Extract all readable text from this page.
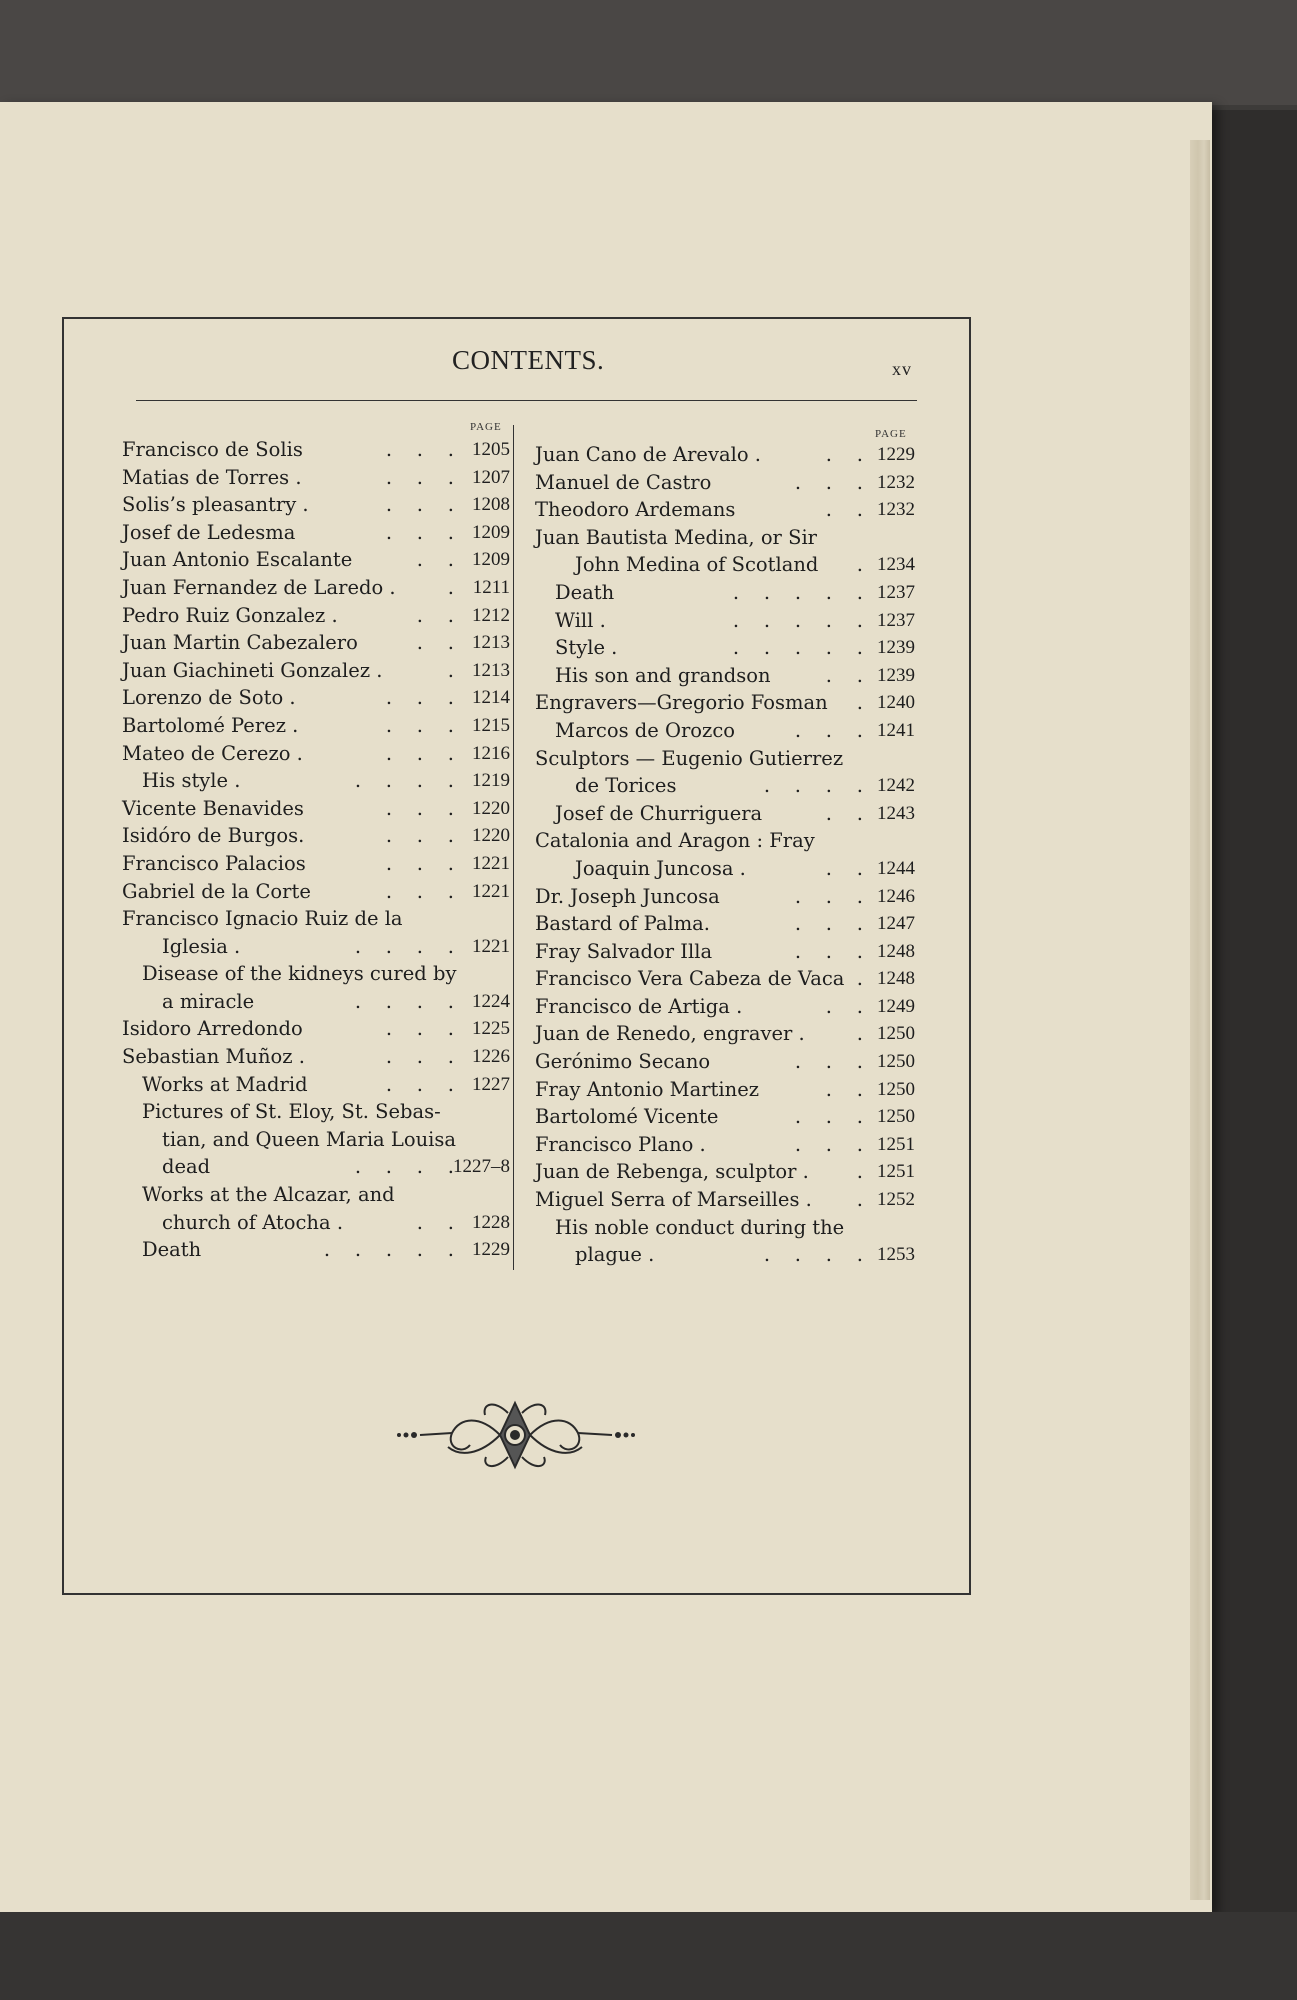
CONTENTS.	xv
PAGE
PAGE
Francisco de Solis	.    .    . 1205
Matias de Torres .	.    .    . 1207
Solis’s pleasantry .	.    .    . 1208
Josef de Ledesma	.    .    . 1209
Juan Antonio Escalante	.    . 1209
Juan Fernandez de Laredo .	. 1211
Pedro Ruiz Gonzalez .	.    . 1212
Juan Martin Cabezalero	.    . 1213
Juan Giachineti Gonzalez .	. 1213
Lorenzo de Soto .	.    .    . 1214
Bartolomé Perez .	.    .    . 1215
Mateo de Cerezo .	.    .    . 1216
His style .	.    .    .    . 1219
Vicente Benavides	.    .    . 1220
Isidóro de Burgos.	.    .    . 1220
Francisco Palacios	.    .    . 1221
Gabriel de la Corte	.    .    . 1221
Francisco Ignacio Ruiz de la
Iglesia .	.    .    .    . 1221
Disease of the kidneys cured by
a miracle	.    .    .    . 1224
Isidoro Arredondo	.    .    . 1225
Sebastian Muñoz .	.    .    . 1226
Works at Madrid	.    .    . 1227
Pictures of St. Eloy, St. Sebas-
tian, and Queen Maria Louisa
dead	.    .    .    . 1227–8
Works at the Alcazar, and
church of Atocha .	.    . 1228
Death	.    .    .    .    . 1229
Juan Cano de Arevalo .	.    . 1229
Manuel de Castro	.    .    . 1232
Theodoro Ardemans	.    . 1232
Juan Bautista Medina, or Sir
John Medina of Scotland . 1234
Death	.    .    .    .    . 1237
Will .	.    .    .    .    . 1237
Style .	.    .    .    .    . 1239
His son and grandson	.    . 1239
Engravers—Gregorio Fosman . 1240
Marcos de Orozco	.    .    . 1241
Sculptors — Eugenio Gutierrez
de Torices	.    .    .    . 1242
Josef de Churriguera	.    . 1243
Catalonia and Aragon : Fray
Joaquin Juncosa .	.    . 1244
Dr. Joseph Juncosa	.    .    . 1246
Bastard of Palma.	.    .    . 1247
Fray Salvador Illa	.    .    . 1248
Francisco Vera Cabeza de Vaca . 1248
Francisco de Artiga .	.    . 1249
Juan de Renedo, engraver .	. 1250
Gerónimo Secano	.    .    . 1250
Fray Antonio Martinez	.    . 1250
Bartolomé Vicente	.    .    . 1250
Francisco Plano .	.    .    . 1251
Juan de Rebenga, sculptor . . 1251
Miguel Serra of Marseilles . . 1252
His noble conduct during the
plague .	.    .    .    . 1253
